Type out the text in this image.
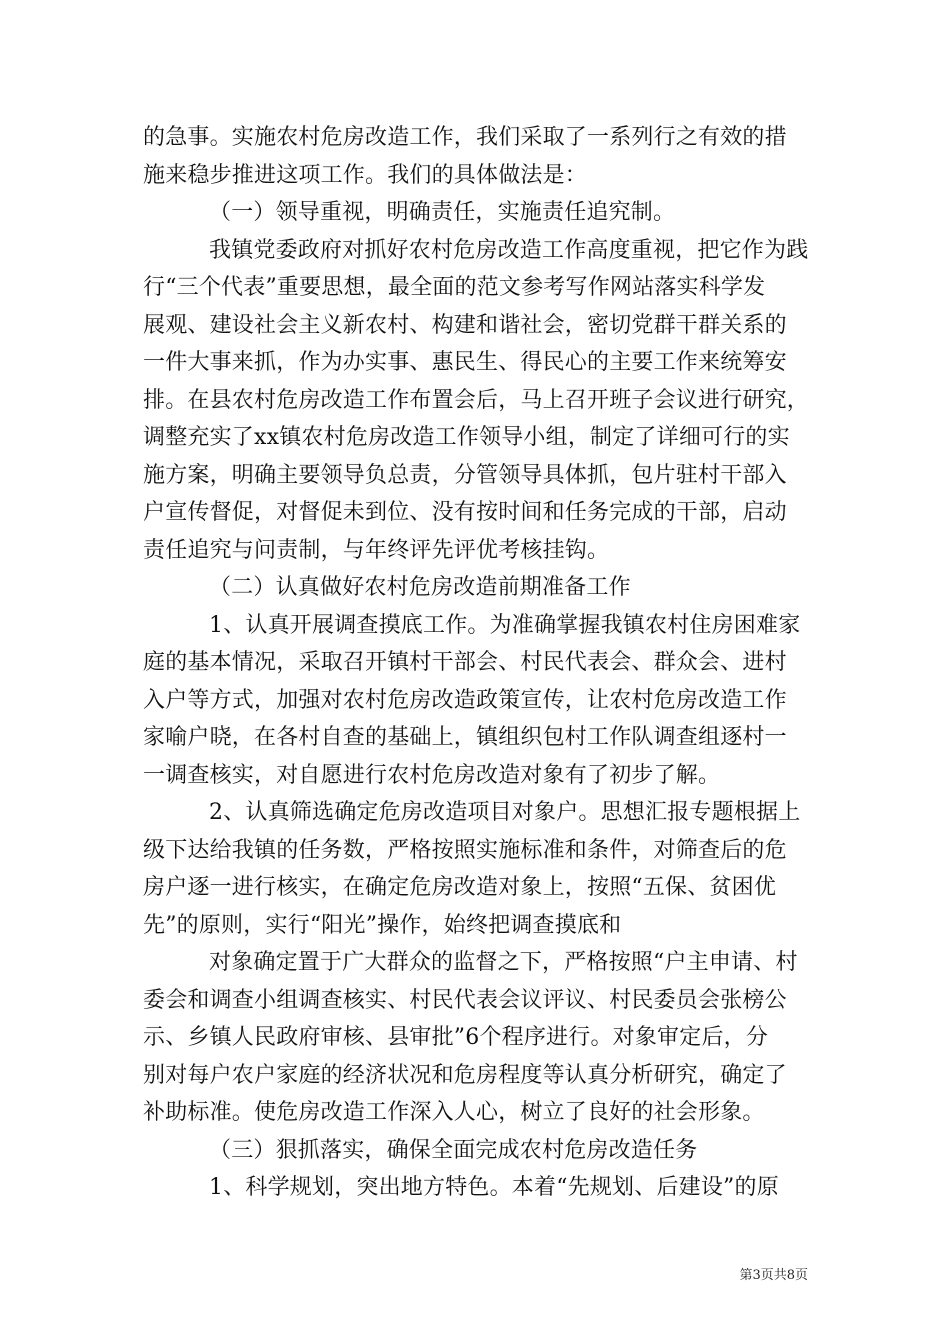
的急事。实施农村危房改造工作，我们采取了一系列行之有效的措
施来稳步推进这项工作。我们的具体做法是：
（一）领导重视，明确责任，实施责任追究制。
我镇党委政府对抓好农村危房改造工作高度重视，把它作为践
行“三个代表”重要思想，最全面的范文参考写作网站落实科学发
展观、建设社会主义新农村、构建和谐社会，密切党群干群关系的
一件大事来抓，作为办实事、惠民生、得民心的主要工作来统筹安
排。在县农村危房改造工作布置会后，马上召开班子会议进行研究，
调整充实了xx镇农村危房改造工作领导小组，制定了详细可行的实
施方案，明确主要领导负总责，分管领导具体抓，包片驻村干部入
户宣传督促，对督促未到位、没有按时间和任务完成的干部，启动
责任追究与问责制，与年终评先评优考核挂钩。
（二）认真做好农村危房改造前期准备工作
1、认真开展调查摸底工作。为准确掌握我镇农村住房困难家
庭的基本情况，采取召开镇村干部会、村民代表会、群众会、进村
入户等方式，加强对农村危房改造政策宣传，让农村危房改造工作
家喻户晓，在各村自查的基础上，镇组织包村工作队调查组逐村一
一调查核实，对自愿进行农村危房改造对象有了初步了解。
2、认真筛选确定危房改造项目对象户。思想汇报专题根据上
级下达给我镇的任务数，严格按照实施标准和条件，对筛查后的危
房户逐一进行核实，在确定危房改造对象上，按照“五保、贫困优
先”的原则，实行“阳光”操作，始终把调查摸底和
对象确定置于广大群众的监督之下，严格按照“户主申请、村
委会和调查小组调查核实、村民代表会议评议、村民委员会张榜公
示、乡镇人民政府审核、县审批”6个程序进行。对象审定后，分
别对每户农户家庭的经济状况和危房程度等认真分析研究，确定了
补助标准。使危房改造工作深入人心，树立了良好的社会形象。
（三）狠抓落实，确保全面完成农村危房改造任务
1、科学规划，突出地方特色。本着“先规划、后建设”的原
第3页共8页
